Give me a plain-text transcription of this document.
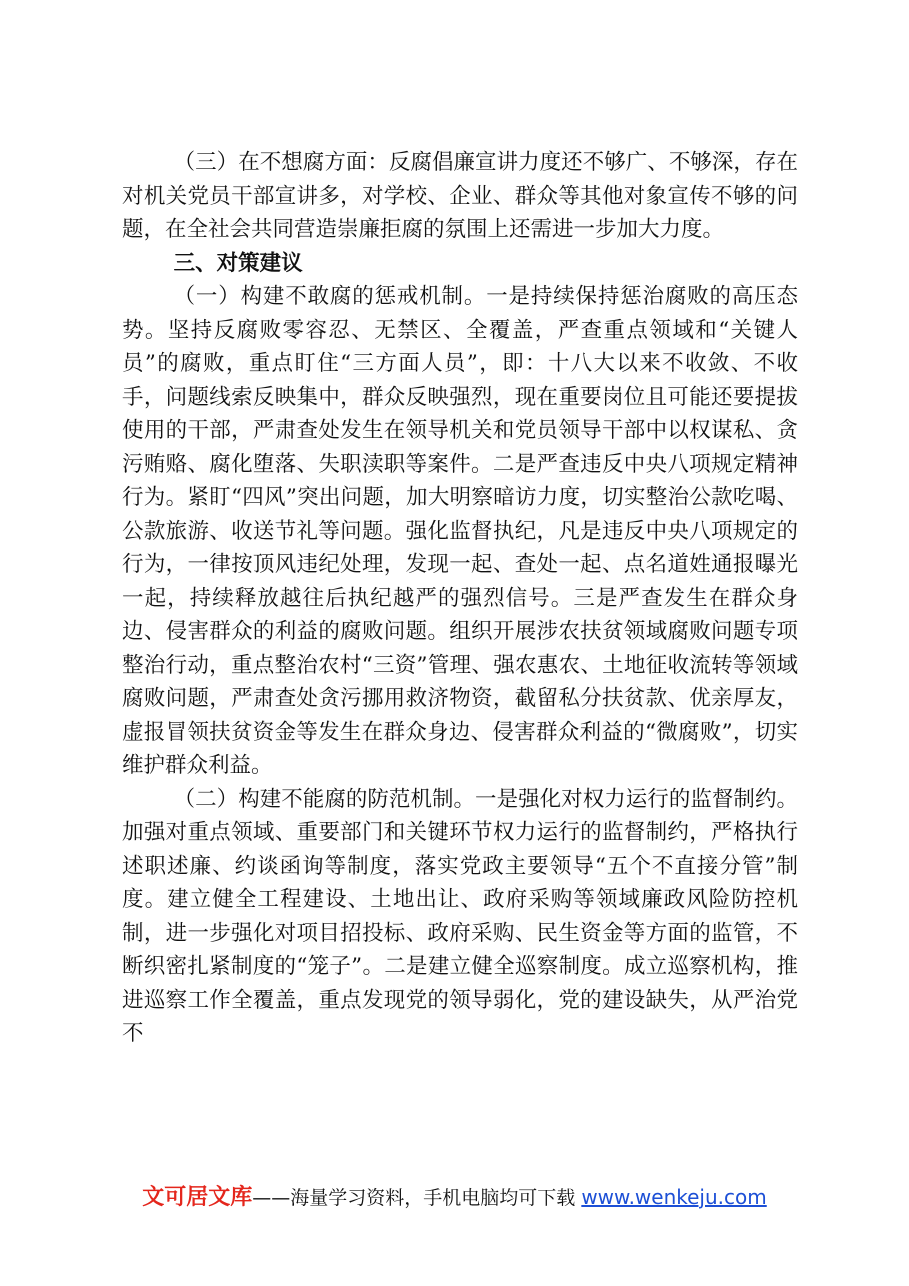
（三）在不想腐方面：反腐倡廉宣讲力度还不够广、不够深，存在对机关党员干部宣讲多，对学校、企业、群众等其他对象宣传不够的问题，在全社会共同营造崇廉拒腐的氛围上还需进一步加大力度。

三、对策建议

（一）构建不敢腐的惩戒机制。一是持续保持惩治腐败的高压态势。坚持反腐败零容忍、无禁区、全覆盖，严查重点领域和“关键人员”的腐败，重点盯住“三方面人员”，即：十八大以来不收敛、不收手，问题线索反映集中，群众反映强烈，现在重要岗位且可能还要提拔使用的干部，严肃查处发生在领导机关和党员领导干部中以权谋私、贪污贿赂、腐化堕落、失职渎职等案件。二是严查违反中央八项规定精神行为。紧盯“四风”突出问题，加大明察暗访力度，切实整治公款吃喝、公款旅游、收送节礼等问题。强化监督执纪，凡是违反中央八项规定的行为，一律按顶风违纪处理，发现一起、查处一起、点名道姓通报曝光一起，持续释放越往后执纪越严的强烈信号。三是严查发生在群众身边、侵害群众的利益的腐败问题。组织开展涉农扶贫领域腐败问题专项整治行动，重点整治农村“三资”管理、强农惠农、土地征收流转等领域腐败问题，严肃查处贪污挪用救济物资，截留私分扶贫款、优亲厚友，虚报冒领扶贫资金等发生在群众身边、侵害群众利益的“微腐败”，切实维护群众利益。

（二）构建不能腐的防范机制。一是强化对权力运行的监督制约。加强对重点领域、重要部门和关键环节权力运行的监督制约，严格执行述职述廉、约谈函询等制度，落实党政主要领导“五个不直接分管”制度。建立健全工程建设、土地出让、政府采购等领域廉政风险防控机制，进一步强化对项目招投标、政府采购、民生资金等方面的监管，不断织密扎紧制度的“笼子”。二是建立健全巡察制度。成立巡察机构，推进巡察工作全覆盖，重点发现党的领导弱化，党的建设缺失，从严治党不

文可居文库——海量学习资料，手机电脑均可下载 www.wenkeju.com
